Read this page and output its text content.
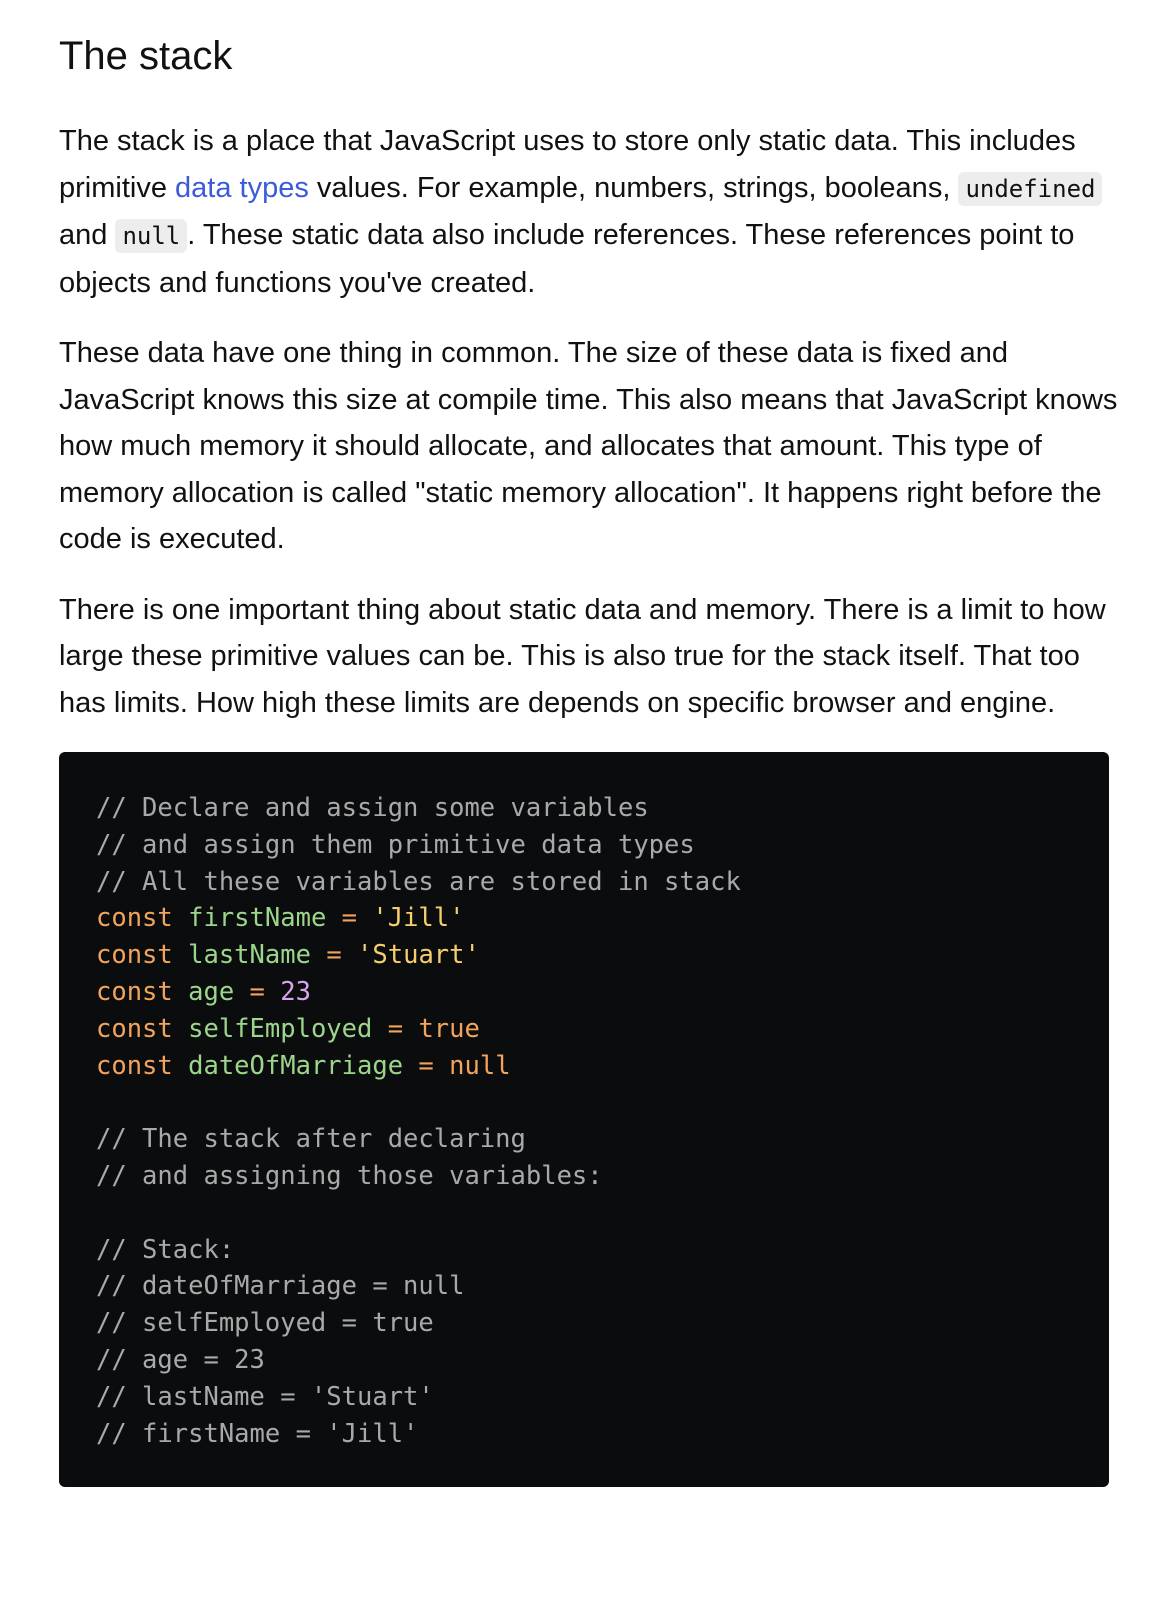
The stack

The stack is a place that JavaScript uses to store only static data. This includes primitive data types values. For example, numbers, strings, booleans, undefined and null . These static data also include references. These references point to objects and functions you've created.

These data have one thing in common. The size of these data is fixed and JavaScript knows this size at compile time. This also means that JavaScript knows how much memory it should allocate, and allocates that amount. This type of memory allocation is called "static memory allocation". It happens right before the code is executed.

There is one important thing about static data and memory. There is a limit to how large these primitive values can be. This is also true for the stack itself. That too has limits. How high these limits are depends on specific browser and engine.

// Declare and assign some variables
// and assign them primitive data types
// All these variables are stored in stack
const firstName = 'Jill'
const lastName = 'Stuart'
const age = 23
const selfEmployed = true
const dateOfMarriage = null

// The stack after declaring
// and assigning those variables:

// Stack:
// dateOfMarriage = null
// selfEmployed = true
// age = 23
// lastName = 'Stuart'
// firstName = 'Jill'
